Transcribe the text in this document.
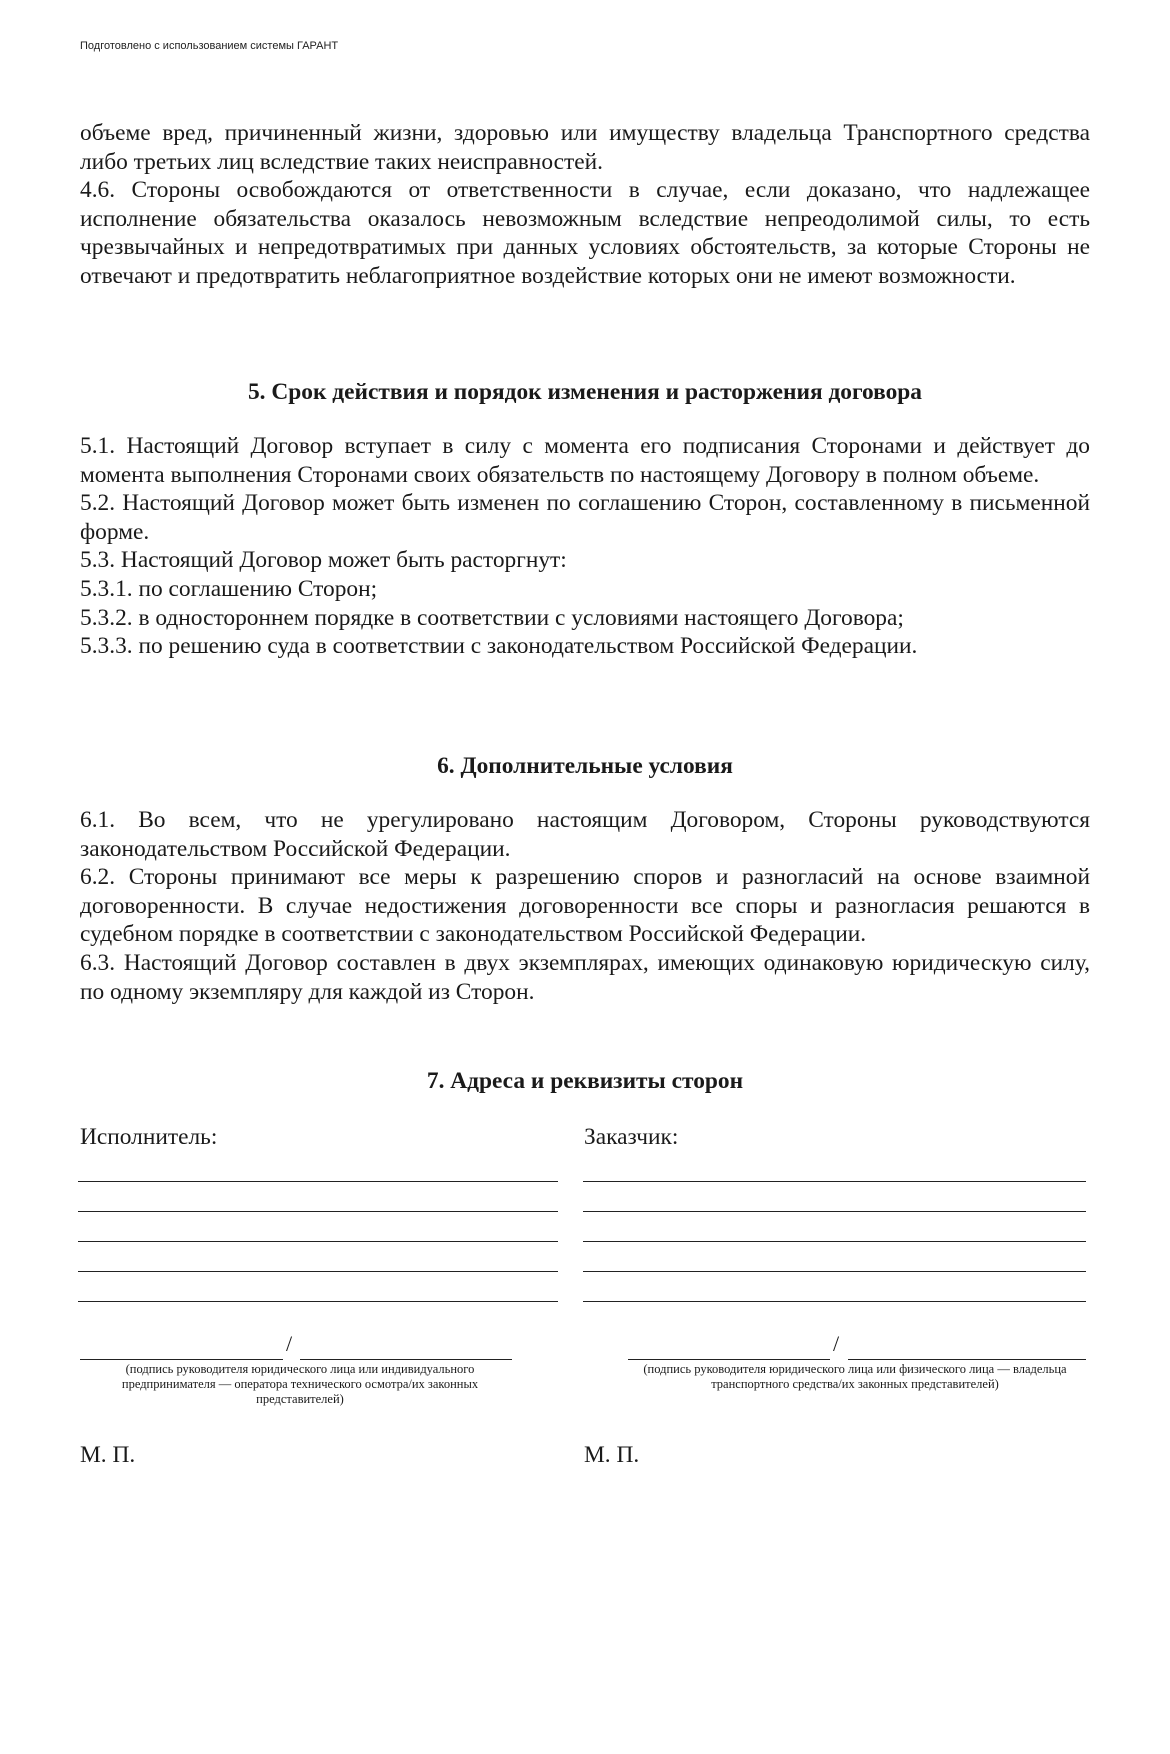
Подготовлено с использованием системы ГАРАНТ

объеме вред, причиненный жизни, здоровью или имуществу владельца Транспортного средства либо третьих лиц вследствие таких неисправностей.

4.6. Стороны освобождаются от ответственности в случае, если доказано, что надлежащее исполнение обязательства оказалось невозможным вследствие непреодолимой силы, то есть чрезвычайных и непредотвратимых при данных условиях обстоятельств, за которые Стороны не отвечают и предотвратить неблагоприятное воздействие которых они не имеют возможности.

5. Срок действия и порядок изменения и расторжения договора

5.1. Настоящий Договор вступает в силу с момента его подписания Сторонами и действует до момента выполнения Сторонами своих обязательств по настоящему Договору в полном объеме.

5.2. Настоящий Договор может быть изменен по соглашению Сторон, составленному в письменной форме.

5.3. Настоящий Договор может быть расторгнут:

5.3.1. по соглашению Сторон;

5.3.2. в одностороннем порядке в соответствии с условиями настоящего Договора;

5.3.3. по решению суда в соответствии с законодательством Российской Федерации.

6. Дополнительные условия

6.1. Во всем, что не урегулировано настоящим Договором, Стороны руководствуются законодательством Российской Федерации.

6.2. Стороны принимают все меры к разрешению споров и разногласий на основе взаимной договоренности. В случае недостижения договоренности все споры и разногласия решаются в судебном порядке в соответствии с законодательством Российской Федерации.

6.3. Настоящий Договор составлен в двух экземплярах, имеющих одинаковую юридическую силу, по одному экземпляру для каждой из Сторон.

7. Адреса и реквизиты сторон
Исполнитель:
/
(подпись руководителя юридического лица или индивидуального предпринимателя — оператора технического осмотра/их законных представителей)
М. П.
Заказчик:
/
(подпись руководителя юридического лица или физического лица — владельца транспортного средства/их законных представителей)
М. П.
